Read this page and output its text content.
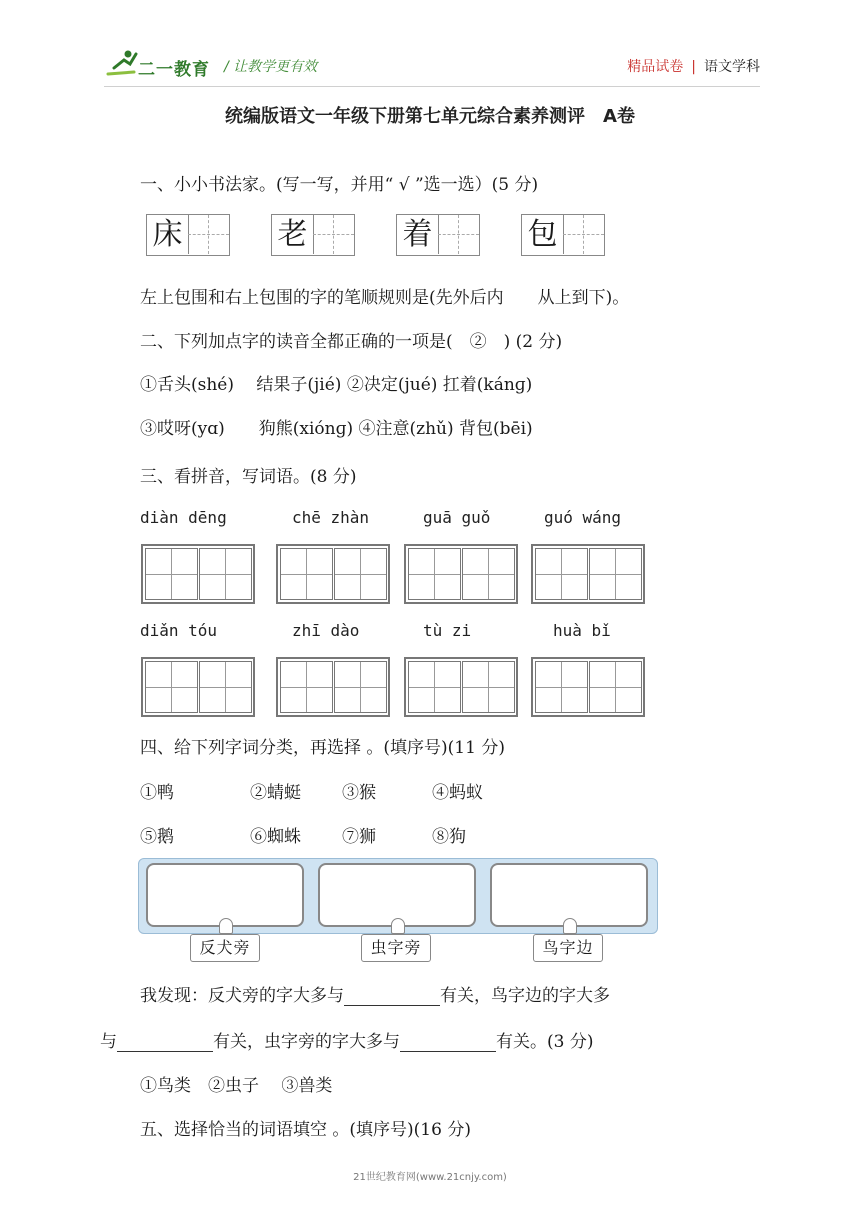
二一教育 / 让教学更有效	精品试卷 | 语文学科
统编版语文一年级下册第七单元综合素养测评　A卷
一、小小书法家。(写一写，并用“ √ ”选一选）(5 分)
床	老	着	包
左上包围和右上包围的字的笔顺规则是(先外后内　　从上到下)。
二、下列加点字的读音全都正确的一项是(　②　) (2 分)
①舌头(shé)　 结果子(jié) ②决定(jué) 扛着(kánɡ)
③哎呀(yɑ)　　狗熊(xiónɡ) ④注意(zhǔ) 背包(bēi)
三、看拼音，写词语。(8 分)
diàn dēng	chē zhàn	guā guǒ	guó wáng
diǎn tóu	zhī dào	tù zi	huà bǐ
四、给下列字词分类，再选择 。(填序号)(11 分)
①鸭	②蜻蜓 ③猴	④蚂蚁
⑤鹅	⑥蜘蛛 ⑦狮	⑧狗
反犬旁	虫字旁	鸟字边
我发现：反犬旁的字大多与	有关，鸟字边的字大多
与	有关，虫字旁的字大多与	有关。(3 分)
①鸟类　②虫子　 ③兽类
五、选择恰当的词语填空 。(填序号)(16 分)
21世纪教育网(www.21cnjy.com)
